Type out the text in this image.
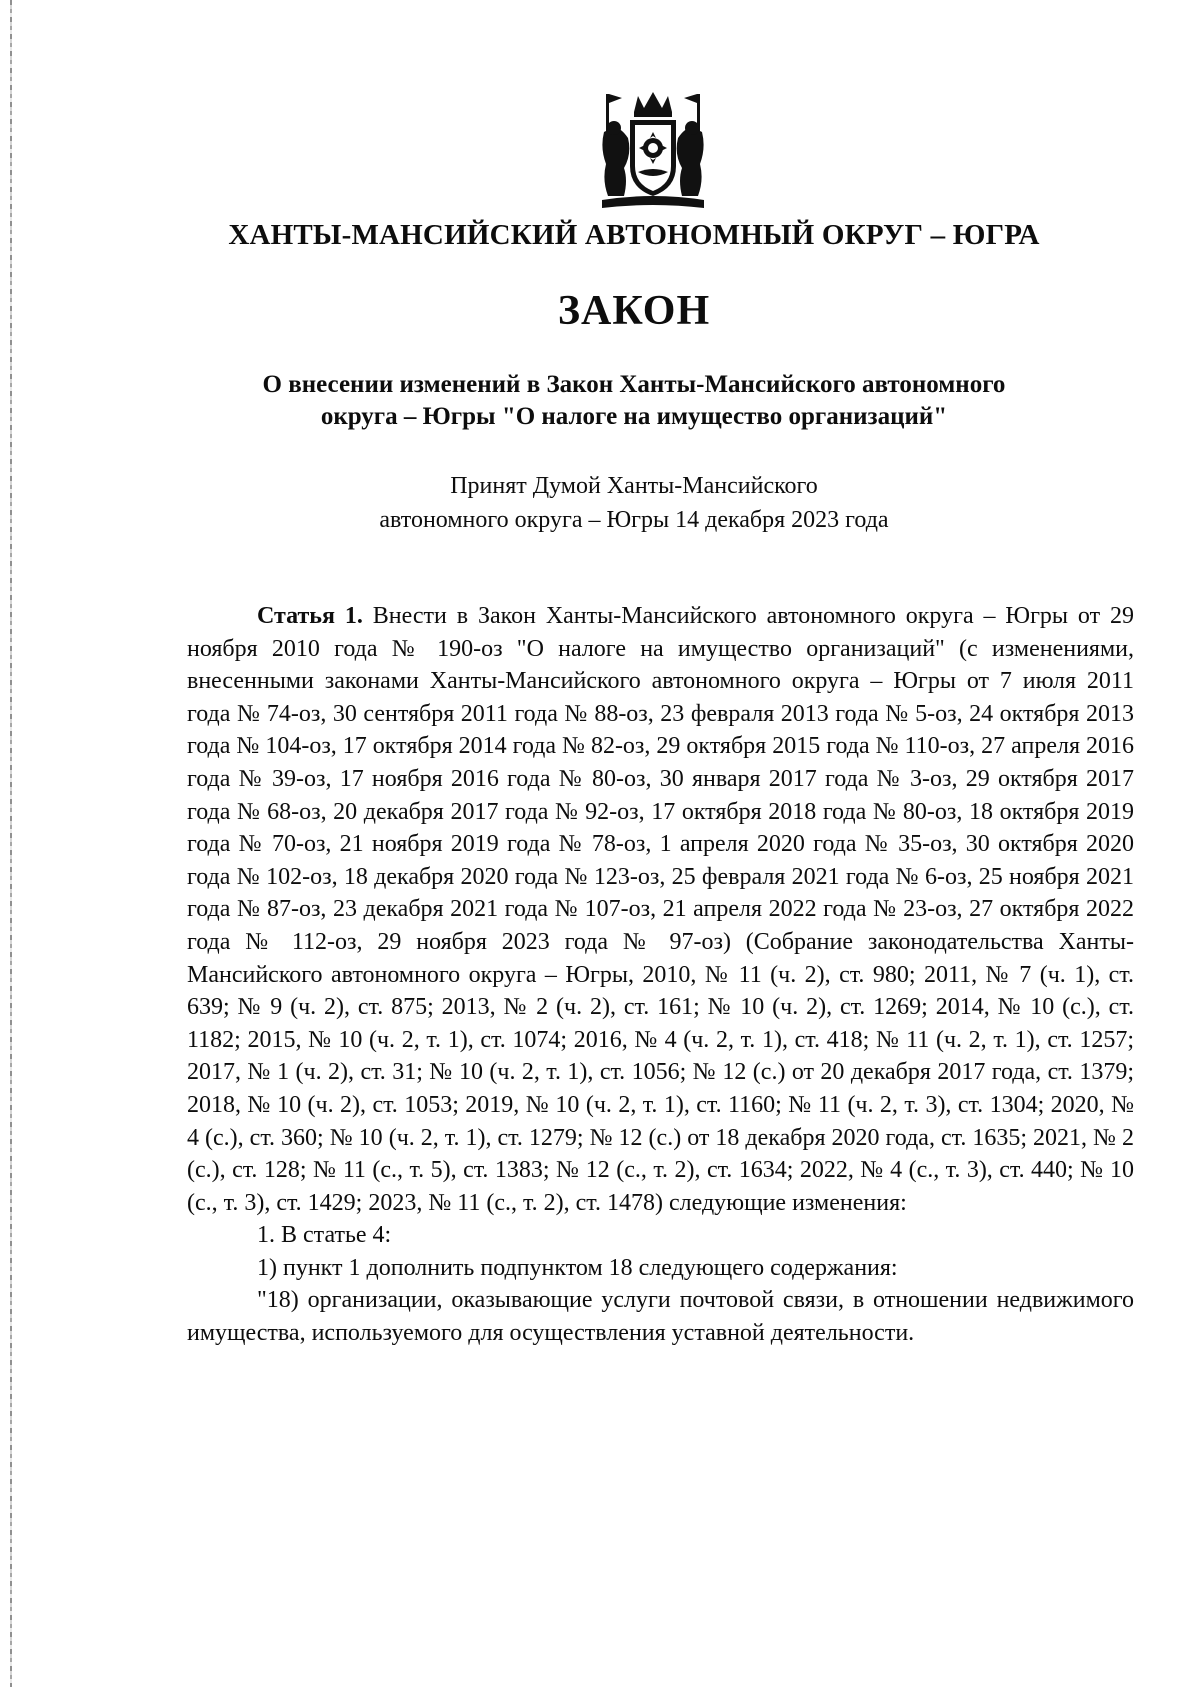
ХАНТЫ-МАНСИЙСКИЙ АВТОНОМНЫЙ ОКРУГ – ЮГРА
ЗАКОН
О внесении изменений в Закон Ханты-Мансийского автономного
округа – Югры "О налоге на имущество организаций"
Принят Думой Ханты-Мансийского
автономного округа – Югры 14 декабря 2023 года

Статья 1. Внести в Закон Ханты-Мансийского автономного округа – Югры от 29 ноября 2010 года № 190-оз "О налоге на имущество организаций" (с изменениями, внесенными законами Ханты-Мансийского автономного округа – Югры от 7 июля 2011 года № 74-оз, 30 сентября 2011 года № 88-оз, 23 февраля 2013 года № 5-оз, 24 октября 2013 года № 104-оз, 17 октября 2014 года № 82-оз, 29 октября 2015 года № 110-оз, 27 апреля 2016 года № 39-оз, 17 ноября 2016 года № 80-оз, 30 января 2017 года № 3-оз, 29 октября 2017 года № 68-оз, 20 декабря 2017 года № 92-оз, 17 октября 2018 года № 80-оз, 18 октября 2019 года № 70-оз, 21 ноября 2019 года № 78-оз, 1 апреля 2020 года № 35-оз, 30 октября 2020 года № 102-оз, 18 декабря 2020 года № 123-оз, 25 февраля 2021 года № 6-оз, 25 ноября 2021 года № 87-оз, 23 декабря 2021 года № 107-оз, 21 апреля 2022 года № 23-оз, 27 октября 2022 года № 112-оз, 29 ноября 2023 года № 97-оз) (Собрание законодательства Ханты-Мансийского автономного округа – Югры, 2010, № 11 (ч. 2), ст. 980; 2011, № 7 (ч. 1), ст. 639; № 9 (ч. 2), ст. 875; 2013, № 2 (ч. 2), ст. 161; № 10 (ч. 2), ст. 1269; 2014, № 10 (с.), ст. 1182; 2015, № 10 (ч. 2, т. 1), ст. 1074; 2016, № 4 (ч. 2, т. 1), ст. 418; № 11 (ч. 2, т. 1), ст. 1257; 2017, № 1 (ч. 2), ст. 31; № 10 (ч. 2, т. 1), ст. 1056; № 12 (с.) от 20 декабря 2017 года, ст. 1379; 2018, № 10 (ч. 2), ст. 1053; 2019, № 10 (ч. 2, т. 1), ст. 1160; № 11 (ч. 2, т. 3), ст. 1304; 2020, № 4 (с.), ст. 360; № 10 (ч. 2, т. 1), ст. 1279; № 12 (с.) от 18 декабря 2020 года, ст. 1635; 2021, № 2 (с.), ст. 128; № 11 (с., т. 5), ст. 1383; № 12 (с., т. 2), ст. 1634; 2022, № 4 (с., т. 3), ст. 440; № 10 (с., т. 3), ст. 1429; 2023, № 11 (с., т. 2), ст. 1478) следующие изменения:

1. В статье 4:

1) пункт 1 дополнить подпунктом 18 следующего содержания:

"18) организации, оказывающие услуги почтовой связи, в отношении недвижимого имущества, используемого для осуществления уставной деятельности.
